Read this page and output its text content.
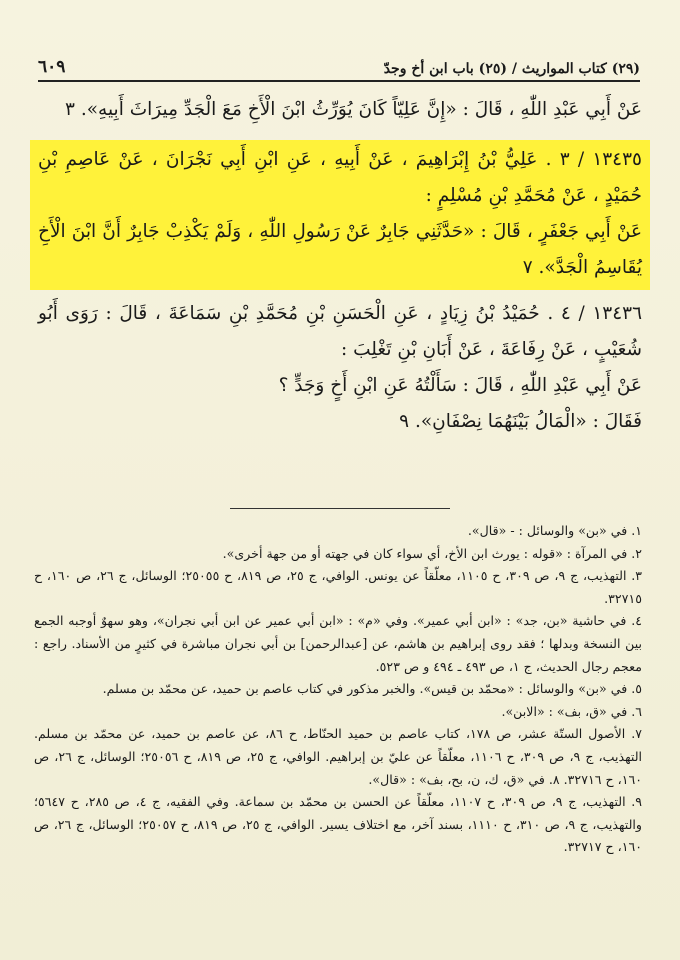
٦٠٩	(٢٩) كتاب المواريث / (٢٥) باب ابن أخ وجدّ

عَنْ أَبِي عَبْدِ اللّٰهِ ، قَالَ : «إِنَّ عَلِيّاً كَانَ يُوَرِّثُ ابْنَ الْأَخِ مَعَ الْجَدِّ مِيرَاثَ أَبِيهِ». ٣

١٣٤٣٥ / ٣ . عَلِيُّ بْنُ إِبْرَاهِيمَ ، عَنْ أَبِيهِ ، عَنِ ابْنِ أَبِي نَجْرَانَ ، عَنْ عَاصِمِ بْنِ حُمَيْدٍ ، عَنْ مُحَمَّدِ بْنِ مُسْلِمٍ :

عَنْ أَبِي جَعْفَرٍ ، قَالَ : «حَدَّثَنِي جَابِرٌ عَنْ رَسُولِ اللّٰهِ ، وَلَمْ يَكْذِبْ جَابِرٌ أَنَّ ابْنَ الْأَخِ يُقَاسِمُ الْجَدَّ». ٧

١٣٤٣٦ / ٤ . حُمَيْدُ بْنُ زِيَادٍ ، عَنِ الْحَسَنِ بْنِ مُحَمَّدِ بْنِ سَمَاعَةَ ، قَالَ : رَوَى أَبُو شُعَيْبٍ ، عَنْ رِفَاعَةَ ، عَنْ أَبَانِ بْنِ تَغْلِبَ :

عَنْ أَبِي عَبْدِ اللّٰهِ ، قَالَ : سَأَلْتُهُ عَنِ ابْنِ أَخٍ وَجَدٍّ ؟

فَقَالَ : «الْمَالُ بَيْنَهُمَا نِصْفَانِ». ٩

١. في «بن» والوسائل : - «قال».

٢. في المرآة : «قوله : يورث ابن الأخ، أي سواء كان في جهته أو من جهة أخرى».

٣. التهذيب، ج ٩، ص ٣٠٩، ح ١١٠٥، معلّقاً عن يونس. الوافي، ج ٢٥، ص ٨١٩، ح ٢٥٠٥٥؛ الوسائل، ج ٢٦، ص ١٦٠، ح ٣٢٧١٥.

٤. في حاشية «بن، جد» : «ابن أبي عمير». وفي «م» : «ابن أبي عمير عن ابن أبي نجران»، وهو سهوٌ أوجبه الجمع بين النسخة وبدلها ؛ فقد روى إبراهيم بن هاشم، عن [عبدالرحمن] بن أبي نجران مباشرة في كثيرٍ من الأسناد. راجع : معجم رجال الحديث، ج ١، ص ٤٩٣ ـ ٤٩٤ و ص ٥٢٣.

٥. في «بن» والوسائل : «محمّد بن قيس». والخبر مذكور في كتاب عاصم بن حميد، عن محمّد بن مسلم.

٦. في «ق، بف» : «الابن».

٧. الأصول الستّة عشر، ص ١٧٨، كتاب عاصم بن حميد الحنّاط، ح ٨٦، عن عاصم بن حميد، عن محمّد بن مسلم. التهذيب، ج ٩، ص ٣٠٩، ح ١١٠٦، معلّقاً عن عليّ بن إبراهيم. الوافي، ج ٢٥، ص ٨١٩، ح ٢٥٠٥٦؛ الوسائل، ج ٢٦، ص ١٦٠، ح ٣٢٧١٦. ٨. في «ق، ك، ن، بح، بف» : «قال».

٩. التهذيب، ج ٩، ص ٣٠٩، ح ١١٠٧، معلّقاً عن الحسن بن محمّد بن سماعة. وفي الفقيه، ج ٤، ص ٢٨٥، ح ٥٦٤٧؛ والتهذيب، ج ٩، ص ٣١٠، ح ١١١٠، بسند آخر، مع اختلاف يسير. الوافي، ج ٢٥، ص ٨١٩، ح ٢٥٠٥٧؛ الوسائل، ج ٢٦، ص ١٦٠، ح ٣٢٧١٧.
